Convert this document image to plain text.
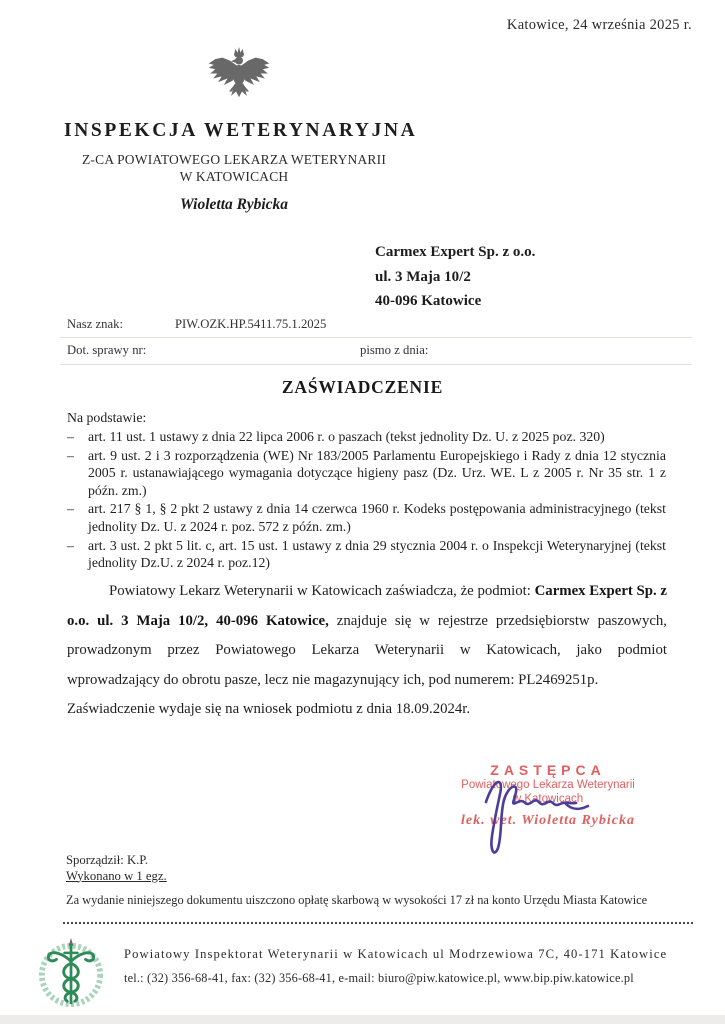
Katowice, 24 września 2025 r.
INSPEKCJA WETERYNARYJNA
Z-CA POWIATOWEGO LEKARZA WETERYNARII
W KATOWICACH
Wioletta Rybicka
Carmex Expert Sp. z o.o.
ul. 3 Maja 10/2
40-096 Katowice
Nasz znak:	PIW.OZK.HP.5411.75.1.2025
Dot. sprawy nr:	pismo z dnia:
ZAŚWIADCZENIE
Na podstawie:
– art. 11 ust. 1 ustawy z dnia 22 lipca 2006 r. o paszach (tekst jednolity Dz. U. z 2025 poz. 320)
– art. 9 ust. 2 i 3 rozporządzenia (WE) Nr 183/2005 Parlamentu Europejskiego i Rady z dnia 12 stycznia 2005 r. ustanawiającego wymagania dotyczące higieny pasz (Dz. Urz. WE. L z 2005 r. Nr 35 str. 1 z późn. zm.)
– art. 217 § 1, § 2 pkt 2 ustawy z dnia 14 czerwca 1960 r. Kodeks postępowania administracyjnego (tekst jednolity Dz. U. z 2024 r. poz. 572 z późn. zm.)
– art. 3 ust. 2 pkt 5 lit. c, art. 15 ust. 1 ustawy z dnia 29 stycznia 2004 r. o Inspekcji Weterynaryjnej (tekst jednolity Dz.U. z 2024 r. poz.12)
Powiatowy Lekarz Weterynarii w Katowicach zaświadcza, że podmiot: Carmex Expert Sp. z o.o. ul. 3 Maja 10/2, 40-096 Katowice, znajduje się w rejestrze przedsiębiorstw paszowych, prowadzonym przez Powiatowego Lekarza Weterynarii w Katowicach, jako podmiot wprowadzający do obrotu pasze, lecz nie magazynujący ich, pod numerem: PL2469251p.
Zaświadczenie wydaje się na wniosek podmiotu z dnia 18.09.2024r.
ZASTĘPCA
Powiatowego Lekarza Weterynarii
w Katowicach
lek. wet. Wioletta Rybicka
Sporządził: K.P.
Wykonano w 1 egz.
Za wydanie niniejszego dokumentu uiszczono opłatę skarbową w wysokości 17 zł na konto Urzędu Miasta Katowice
Powiatowy Inspektorat Weterynarii w Katowicach ul Modrzewiowa 7C, 40-171 Katowice
tel.: (32) 356-68-41, fax: (32) 356-68-41, e-mail: biuro@piw.katowice.pl, www.bip.piw.katowice.pl
